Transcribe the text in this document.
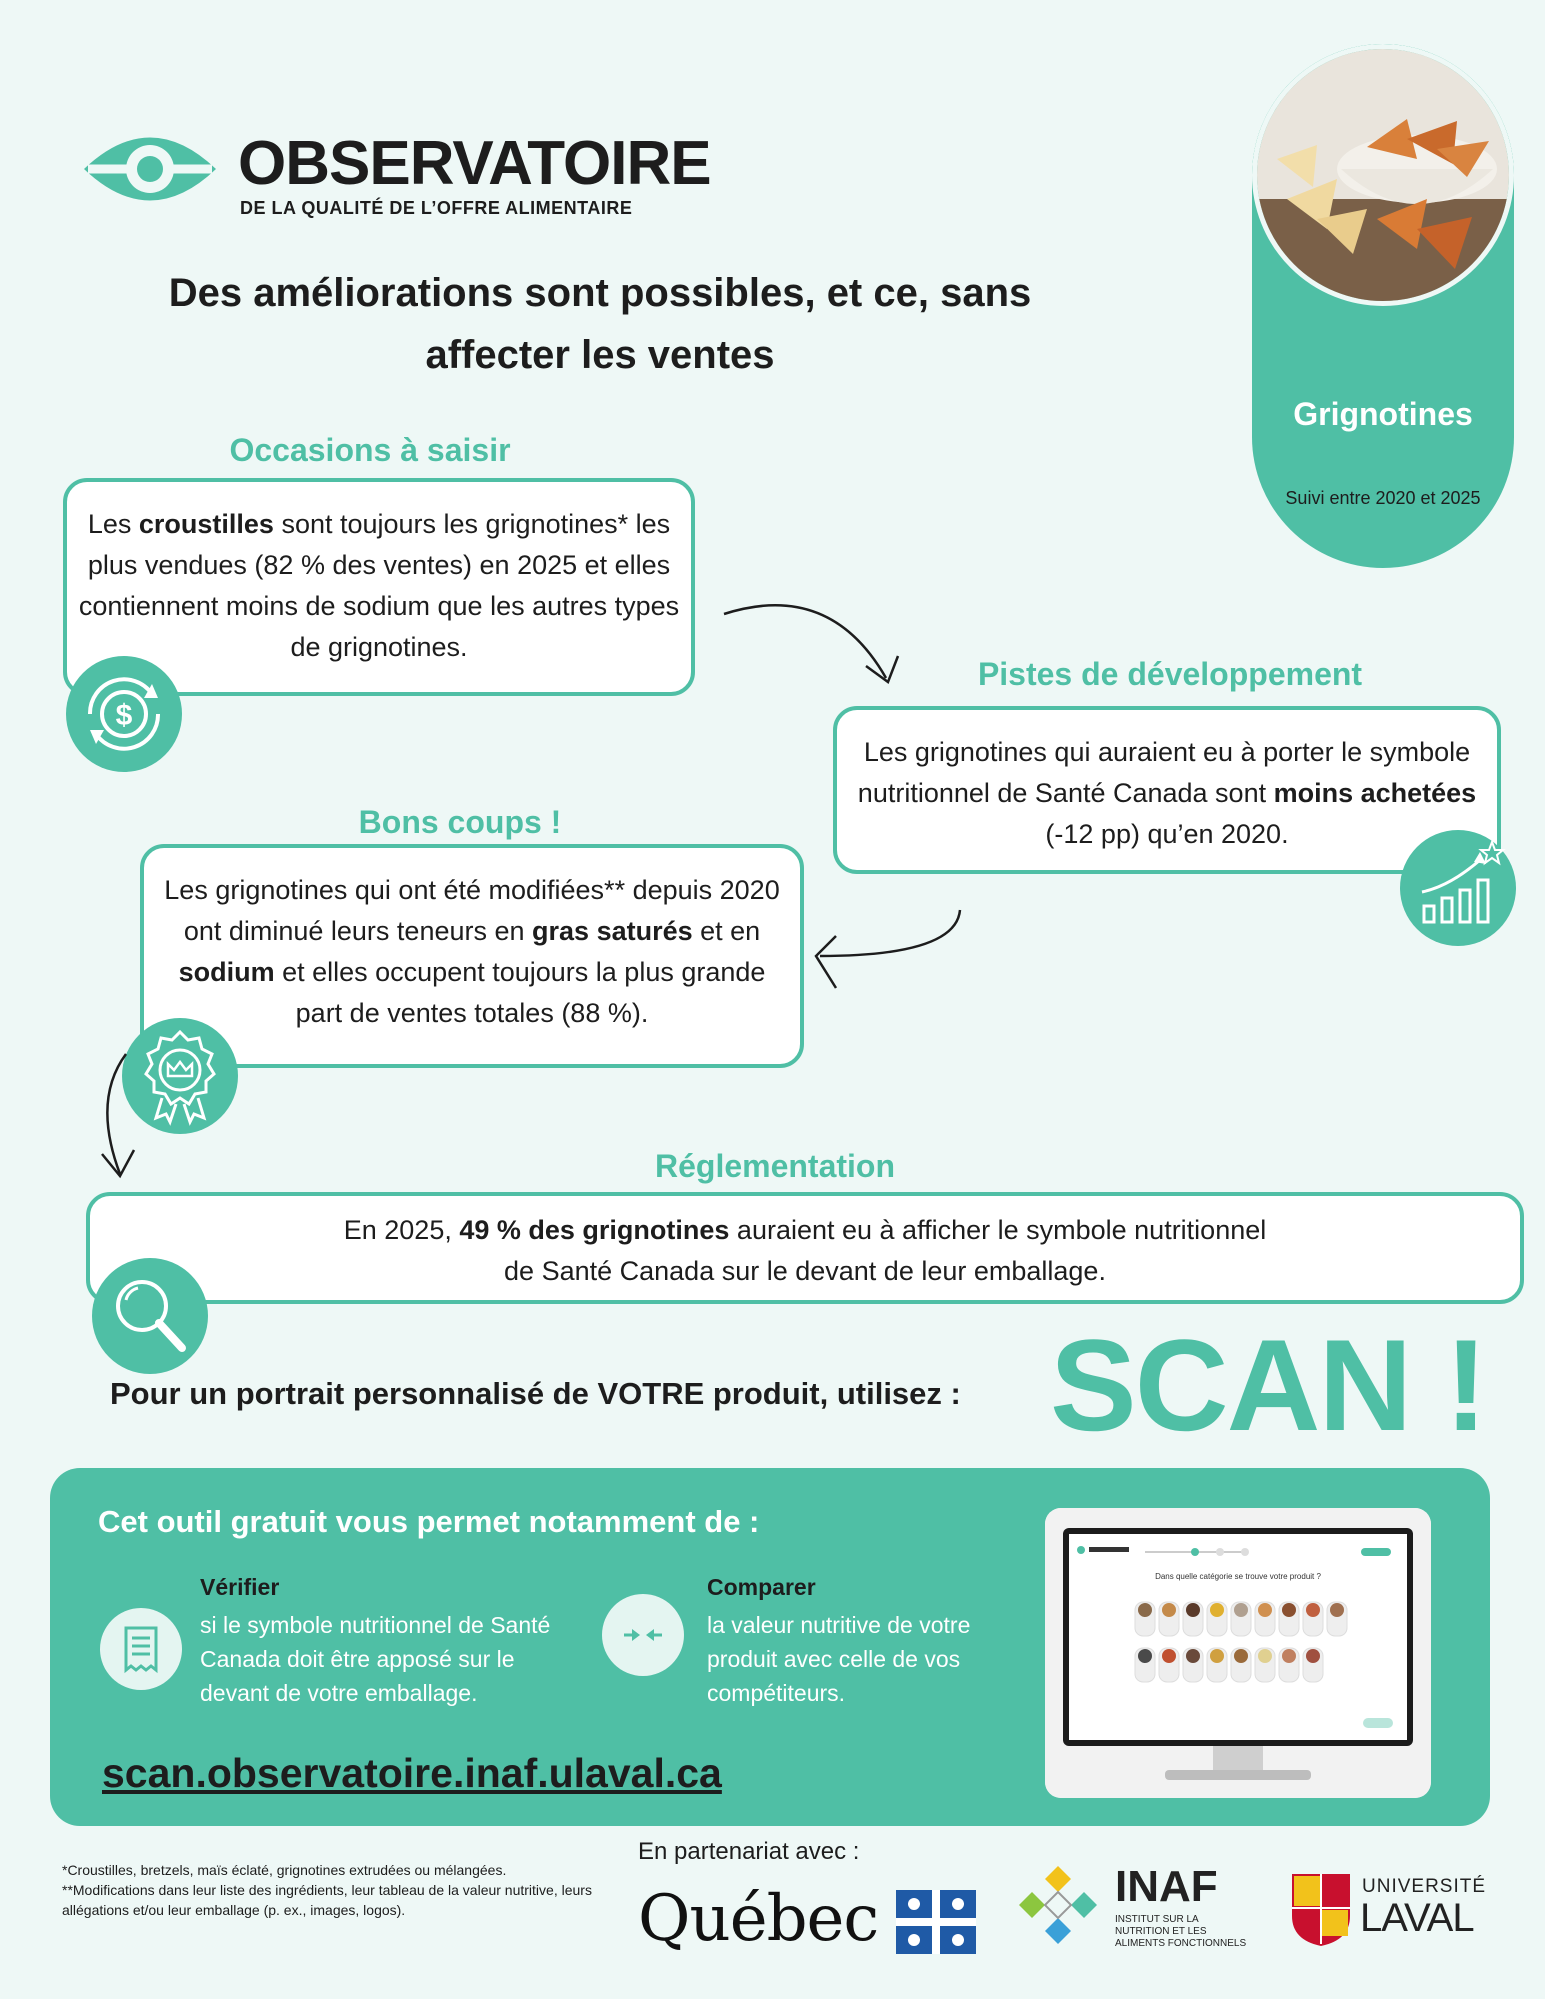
OBSERVATOIRE
DE LA QUALITÉ DE L’OFFRE ALIMENTAIRE
Des améliorations sont possibles, et ce, sans
affecter les ventes
Grignotines
Suivi entre 2020 et 2025
Occasions à saisir
Les croustilles sont toujours les grignotines* les plus vendues (82 % des ventes) en 2025 et elles contiennent moins de sodium que les autres types de grignotines.
$
Pistes de développement
Les grignotines qui auraient eu à porter le symbole nutritionnel de Santé Canada sont moins achetées (-12 pp) qu’en 2020.
Bons coups !
Les grignotines qui ont été modifiées** depuis 2020 ont diminué leurs teneurs en gras saturés et en sodium et elles occupent toujours la plus grande part de ventes totales (88 %).
Réglementation
En 2025, 49 % des grignotines auraient eu à afficher le symbole nutritionnel
de Santé Canada sur le devant de leur emballage.
Pour un portrait personnalisé de VOTRE produit, utilisez : SCAN !
Cet outil gratuit vous permet notamment de :
Vérifier
si le symbole nutritionnel de Santé
Canada doit être apposé sur le
devant de votre emballage.
Comparer
la valeur nutritive de votre
produit avec celle de vos
compétiteurs.
scan.observatoire.inaf.ulaval.ca
Dans quelle catégorie se trouve votre produit ?
*Croustilles, bretzels, maïs éclaté, grignotines extrudées ou mélangées.
**Modifications dans leur liste des ingrédients, leur tableau de la valeur nutritive, leurs allégations et/ou leur emballage (p. ex., images, logos).
En partenariat avec :
Québec	INAF
INSTITUT SUR LA
NUTRITION ET LES
ALIMENTS FONCTIONNELS
UNIVERSITÉ
LAVAL
